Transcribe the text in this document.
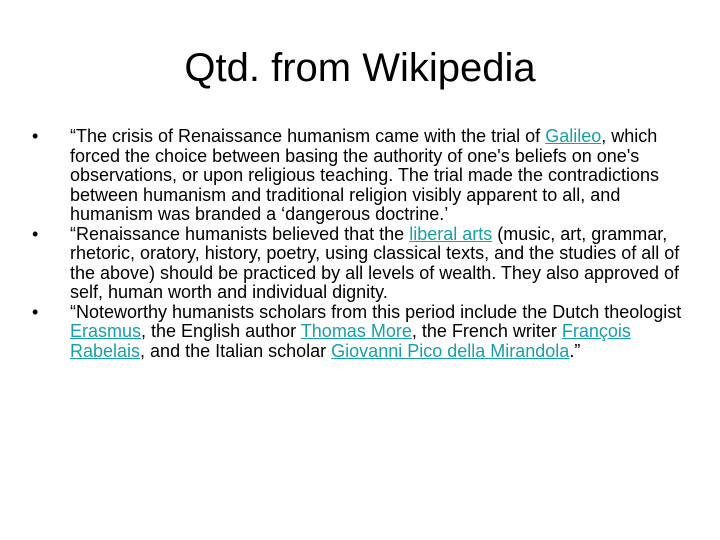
Qtd. from Wikipedia
•	“The crisis of Renaissance humanism came with the trial of Galileo, which forced the choice between basing the authority of one's beliefs on one's observations, or upon religious teaching. The trial made the contradictions between humanism and traditional religion visibly apparent to all, and humanism was branded a ‘dangerous doctrine.’
•	“Renaissance humanists believed that the liberal arts (music, art, grammar, rhetoric, oratory, history, poetry, using classical texts, and the studies of all of the above) should be practiced by all levels of wealth. They also approved of self, human worth and individual dignity.
•	“Noteworthy humanists scholars from this period include the Dutch theologist Erasmus, the English author Thomas More, the French writer François Rabelais, and the Italian scholar Giovanni Pico della Mirandola.”
